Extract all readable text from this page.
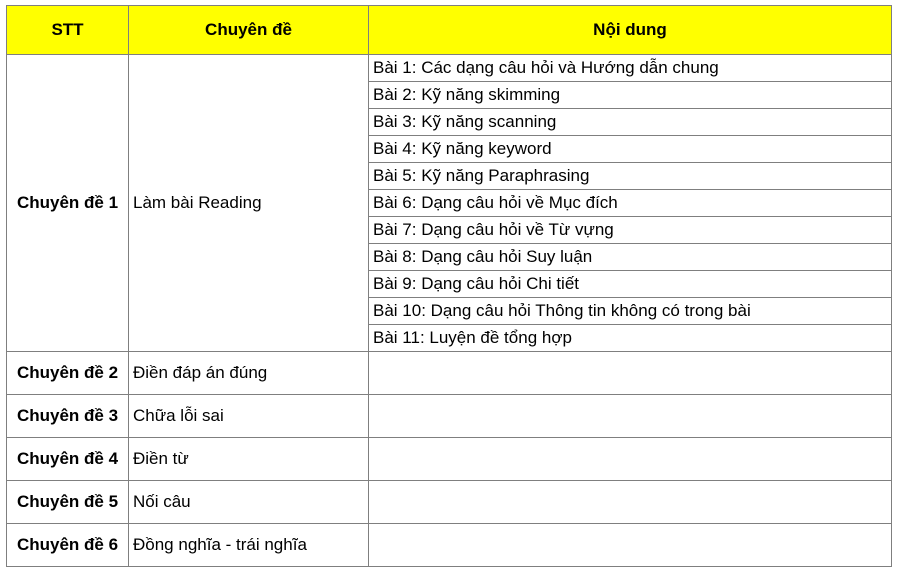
STT	Chuyên đề	Nội dung
Chuyên đề 1	Làm bài Reading	Bài 1: Các dạng câu hỏi và Hướng dẫn chung
		Bài 2: Kỹ năng skimming
		Bài 3: Kỹ năng scanning
		Bài 4: Kỹ năng keyword
		Bài 5: Kỹ năng Paraphrasing
		Bài 6: Dạng câu hỏi về Mục đích
		Bài 7: Dạng câu hỏi về Từ vựng
		Bài 8: Dạng câu hỏi Suy luận
		Bài 9: Dạng câu hỏi Chi tiết
		Bài 10: Dạng câu hỏi Thông tin không có trong bài
		Bài 11: Luyện đề tổng hợp
Chuyên đề 2	Điền đáp án đúng	
Chuyên đề 3	Chữa lỗi sai	
Chuyên đề 4	Điền từ	
Chuyên đề 5	Nối câu	
Chuyên đề 6	Đồng nghĩa - trái nghĩa	
